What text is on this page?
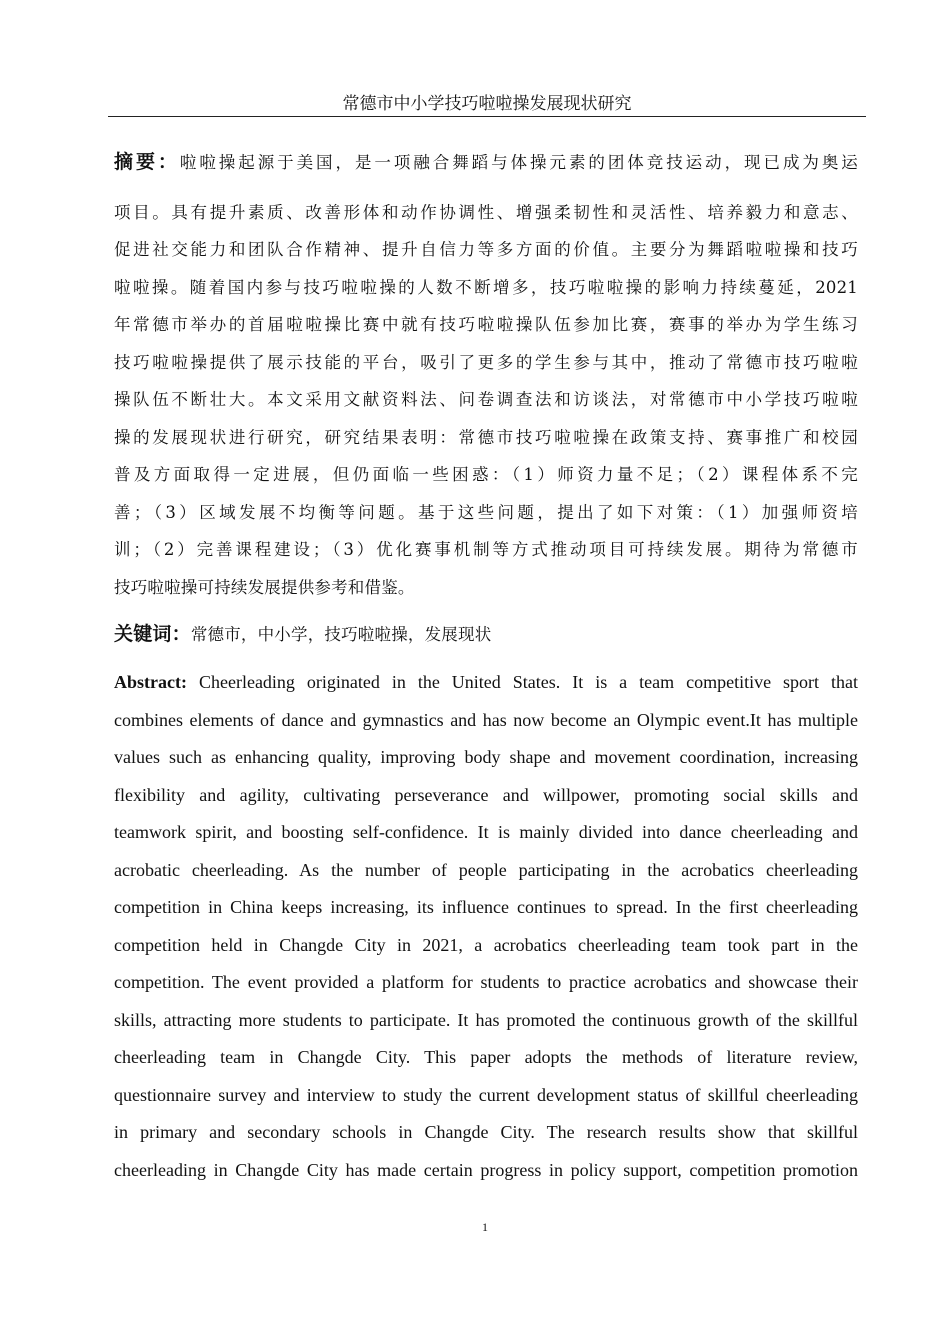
常德市中小学技巧啦啦操发展现状研究
摘要：啦啦操起源于美国，是一项融合舞蹈与体操元素的团体竞技运动，现已成为奥运
项目。具有提升素质、改善形体和动作协调性、增强柔韧性和灵活性、培养毅力和意志、
促进社交能力和团队合作精神、提升自信力等多方面的价值。主要分为舞蹈啦啦操和技巧
啦啦操。随着国内参与技巧啦啦操的人数不断增多，技巧啦啦操的影响力持续蔓延，2021
年常德市举办的首届啦啦操比赛中就有技巧啦啦操队伍参加比赛，赛事的举办为学生练习
技巧啦啦操提供了展示技能的平台，吸引了更多的学生参与其中，推动了常德市技巧啦啦
操队伍不断壮大。本文采用文献资料法、问卷调查法和访谈法，对常德市中小学技巧啦啦
操的发展现状进行研究，研究结果表明：常德市技巧啦啦操在政策支持、赛事推广和校园
普及方面取得一定进展，但仍面临一些困惑：（1）师资力量不足；（2）课程体系不完
善；（3）区域发展不均衡等问题。基于这些问题，提出了如下对策：（1）加强师资培
训；（2）完善课程建设；（3）优化赛事机制等方式推动项目可持续发展。期待为常德市
技巧啦啦操可持续发展提供参考和借鉴。
关键词：常德市，中小学，技巧啦啦操，发展现状
Abstract: Cheerleading originated in the United States. It is a team competitive sport that
combines elements of dance and gymnastics and has now become an Olympic event.It has multiple
values such as enhancing quality, improving body shape and movement coordination, increasing
flexibility and agility, cultivating perseverance and willpower, promoting social skills and
teamwork spirit, and boosting self-confidence. It is mainly divided into dance cheerleading and
acrobatic cheerleading. As the number of people participating in the acrobatics cheerleading
competition in China keeps increasing, its influence continues to spread. In the first cheerleading
competition held in Changde City in 2021, a acrobatics cheerleading team took part in the
competition. The event provided a platform for students to practice acrobatics and showcase their
skills, attracting more students to participate. It has promoted the continuous growth of the skillful
cheerleading team in Changde City. This paper adopts the methods of literature review,
questionnaire survey and interview to study the current development status of skillful cheerleading
in primary and secondary schools in Changde City. The research results show that skillful
cheerleading in Changde City has made certain progress in policy support, competition promotion
1
